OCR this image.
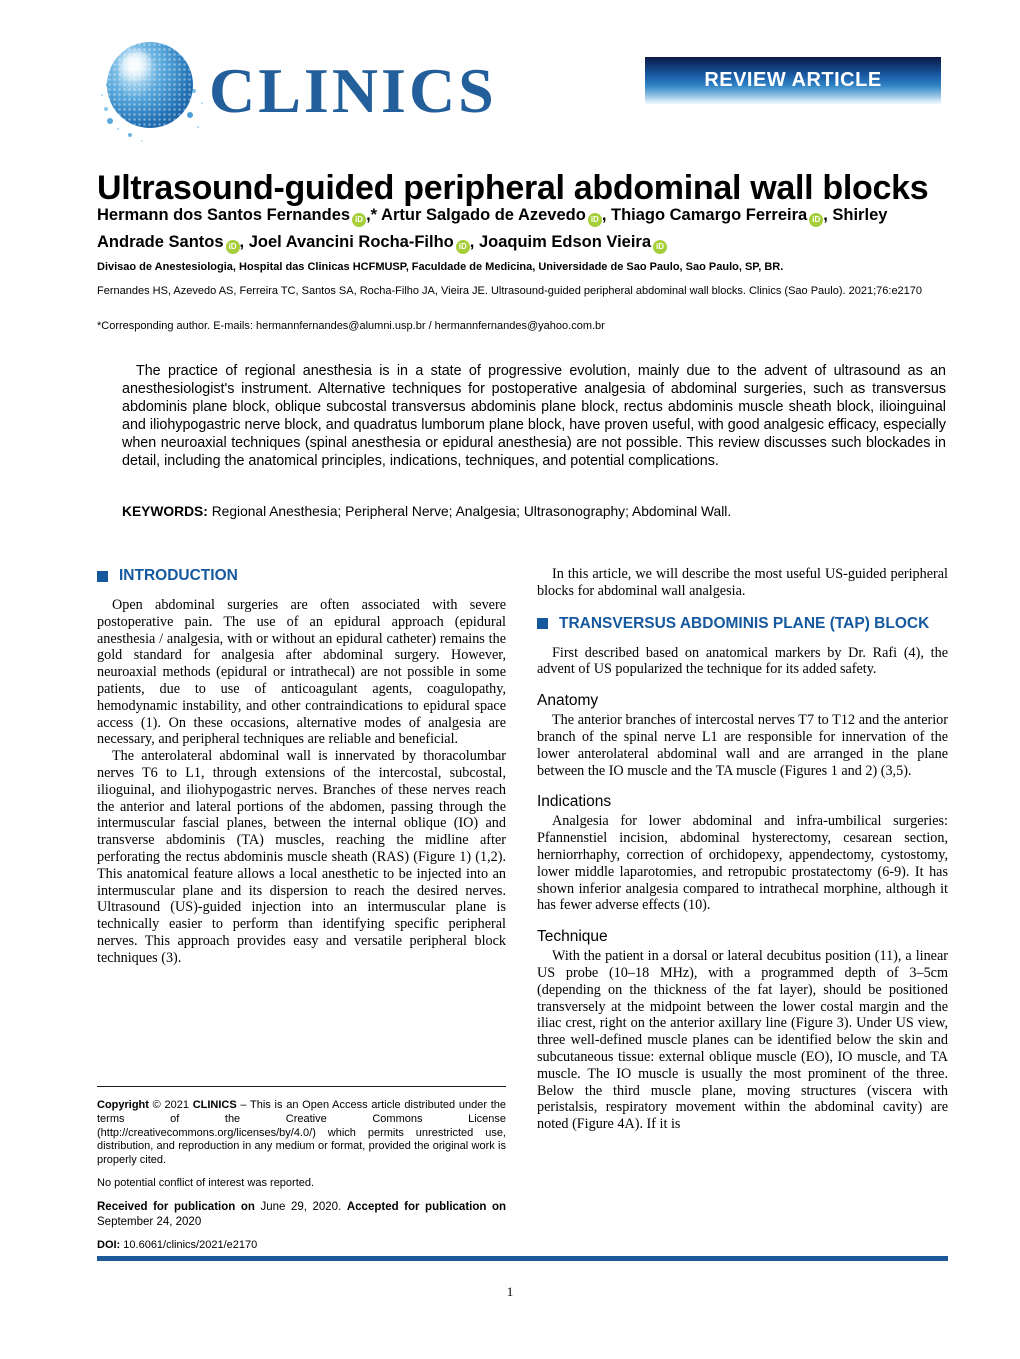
CLINICS	REVIEW ARTICLE
Ultrasound-guided peripheral abdominal wall blocks
Hermann dos Santos Fernandes iD ,* Artur Salgado de Azevedo iD , Thiago Camargo Ferreira iD , Shirley Andrade Santos iD , Joel Avancini Rocha-Filho iD , Joaquim Edson Vieira iD
Divisao de Anestesiologia, Hospital das Clinicas HCFMUSP, Faculdade de Medicina, Universidade de Sao Paulo, Sao Paulo, SP, BR.
Fernandes HS, Azevedo AS, Ferreira TC, Santos SA, Rocha-Filho JA, Vieira JE. Ultrasound-guided peripheral abdominal wall blocks. Clinics (Sao Paulo). 2021;76:e2170
*Corresponding author. E-mails: hermannfernandes@alumni.usp.br / hermannfernandes@yahoo.com.br
The practice of regional anesthesia is in a state of progressive evolution, mainly due to the advent of ultrasound as an anesthesiologist's instrument. Alternative techniques for postoperative analgesia of abdominal surgeries, such as transversus abdominis plane block, oblique subcostal transversus abdominis plane block, rectus abdominis muscle sheath block, ilioinguinal and iliohypogastric nerve block, and quadratus lumborum plane block, have proven useful, with good analgesic efficacy, especially when neuroaxial techniques (spinal anesthesia or epidural anesthesia) are not possible. This review discusses such blockades in detail, including the anatomical principles, indications, techniques, and potential complications.
KEYWORDS: Regional Anesthesia; Peripheral Nerve; Analgesia; Ultrasonography; Abdominal Wall.
INTRODUCTION

Open abdominal surgeries are often associated with severe postoperative pain. The use of an epidural approach (epidural anesthesia / analgesia, with or without an epidural catheter) remains the gold standard for analgesia after abdominal surgery. However, neuroaxial methods (epidural or intrathecal) are not possible in some patients, due to use of anticoagulant agents, coagulopathy, hemodynamic instability, and other contraindications to epidural space access (1). On these occasions, alternative modes of analgesia are necessary, and peripheral techniques are reliable and beneficial.

The anterolateral abdominal wall is innervated by thoracolumbar nerves T6 to L1, through extensions of the intercostal, subcostal, ilioguinal, and iliohypogastric nerves. Branches of these nerves reach the anterior and lateral portions of the abdomen, passing through the intermuscular fascial planes, between the internal oblique (IO) and transverse abdominis (TA) muscles, reaching the midline after perforating the rectus abdominis muscle sheath (RAS) (Figure 1) (1,2). This anatomical feature allows a local anesthetic to be injected into an intermuscular plane and its dispersion to reach the desired nerves. Ultrasound (US)-guided injection into an intermuscular plane is technically easier to perform than identifying specific peripheral nerves. This approach provides easy and versatile peripheral block techniques (3).

In this article, we will describe the most useful US-guided peripheral blocks for abdominal wall analgesia.

TRANSVERSUS ABDOMINIS PLANE (TAP) BLOCK

First described based on anatomical markers by Dr. Rafi (4), the advent of US popularized the technique for its added safety.

Anatomy

The anterior branches of intercostal nerves T7 to T12 and the anterior branch of the spinal nerve L1 are responsible for innervation of the lower anterolateral abdominal wall and are arranged in the plane between the IO muscle and the TA muscle (Figures 1 and 2) (3,5).

Indications

Analgesia for lower abdominal and infra-umbilical surgeries: Pfannenstiel incision, abdominal hysterectomy, cesarean section, herniorrhaphy, correction of orchidopexy, appendectomy, cystostomy, lower middle laparotomies, and retropubic prostatectomy (6-9). It has shown inferior analgesia compared to intrathecal morphine, although it has fewer adverse effects (10).

Technique

With the patient in a dorsal or lateral decubitus position (11), a linear US probe (10–18 MHz), with a programmed depth of 3–5cm (depending on the thickness of the fat layer), should be positioned transversely at the midpoint between the lower costal margin and the iliac crest, right on the anterior axillary line (Figure 3). Under US view, three well-defined muscle planes can be identified below the skin and subcutaneous tissue: external oblique muscle (EO), IO muscle, and TA muscle. The IO muscle is usually the most prominent of the three. Below the third muscle plane, moving structures (viscera with peristalsis, respiratory movement within the abdominal cavity) are noted (Figure 4A). If it is

Copyright © 2021 CLINICS – This is an Open Access article distributed under the terms of the Creative Commons License (http://creativecommons.org/licenses/by/4.0/) which permits unrestricted use, distribution, and reproduction in any medium or format, provided the original work is properly cited.

No potential conflict of interest was reported.

Received for publication on June 29, 2020. Accepted for publication on September 24, 2020

DOI: 10.6061/clinics/2021/e2170

1
